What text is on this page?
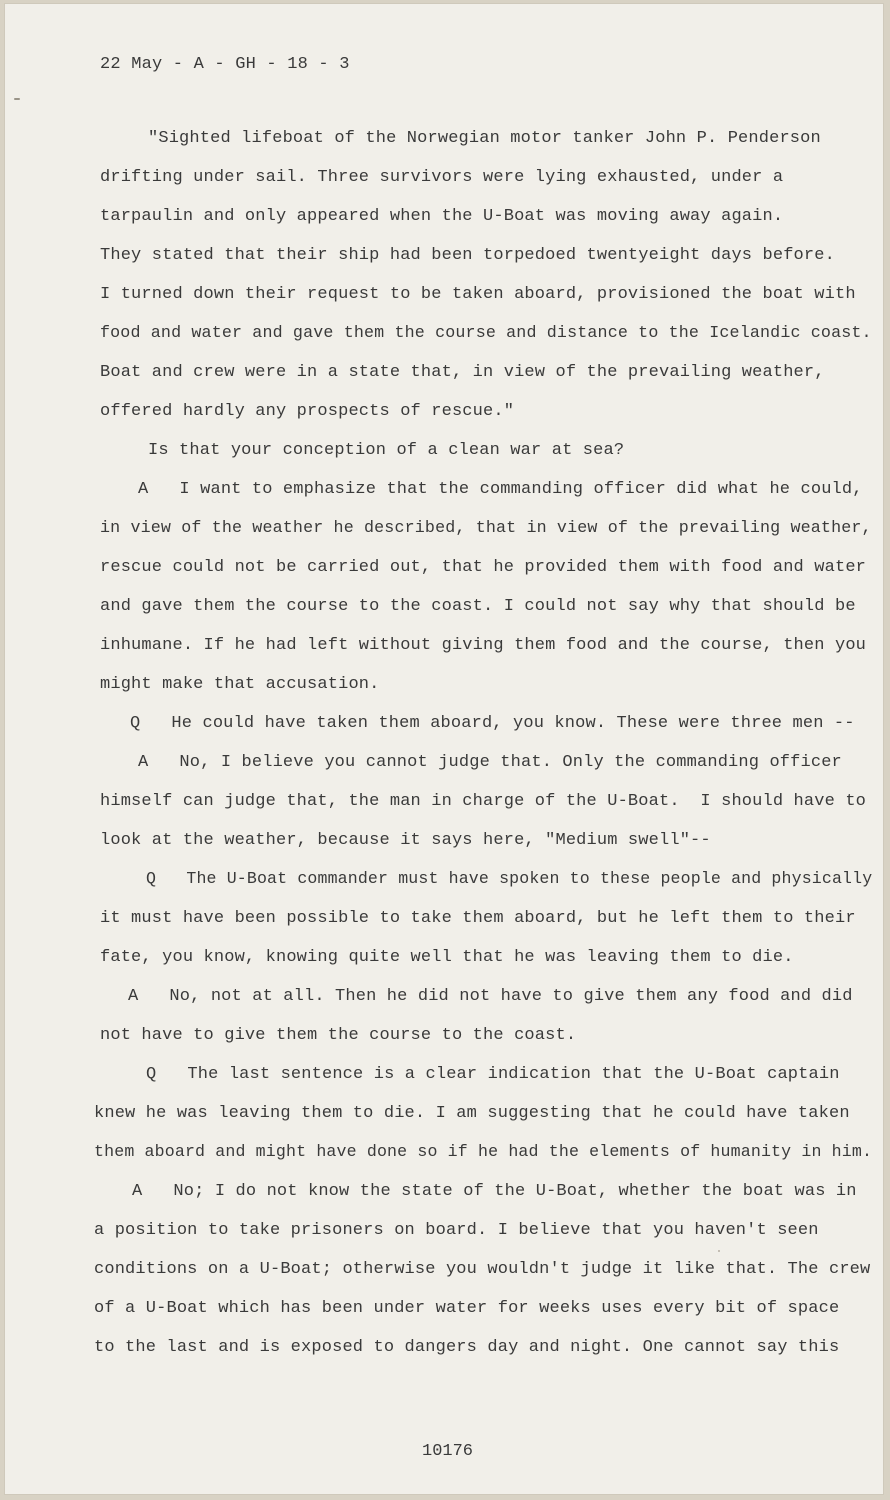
22 May - A - GH - 18 - 3
"Sighted lifeboat of the Norwegian motor tanker John P. Penderson
drifting under sail. Three survivors were lying exhausted, under a
tarpaulin and only appeared when the U-Boat was moving away again.
They stated that their ship had been torpedoed twentyeight days before.
I turned down their request to be taken aboard, provisioned the boat with
food and water and gave them the course and distance to the Icelandic coast.
Boat and crew were in a state that, in view of the prevailing weather,
offered hardly any prospects of rescue."
Is that your conception of a clean war at sea?
A   I want to emphasize that the commanding officer did what he could,
in view of the weather he described, that in view of the prevailing weather,
rescue could not be carried out, that he provided them with food and water
and gave them the course to the coast. I could not say why that should be
inhumane. If he had left without giving them food and the course, then you
might make that accusation.
Q   He could have taken them aboard, you know. These were three men --
A   No, I believe you cannot judge that. Only the commanding officer
himself can judge that, the man in charge of the U-Boat.  I should have to
look at the weather, because it says here, "Medium swell"--
Q   The U-Boat commander must have spoken to these people and physically
it must have been possible to take them aboard, but he left them to their
fate, you know, knowing quite well that he was leaving them to die.
A   No, not at all. Then he did not have to give them any food and did
not have to give them the course to the coast.
Q   The last sentence is a clear indication that the U-Boat captain
knew he was leaving them to die. I am suggesting that he could have taken
them aboard and might have done so if he had the elements of humanity in him.
A   No; I do not know the state of the U-Boat, whether the boat was in
a position to take prisoners on board. I believe that you haven't seen
conditions on a U-Boat; otherwise you wouldn't judge it like that. The crew
of a U-Boat which has been under water for weeks uses every bit of space
to the last and is exposed to dangers day and night. One cannot say this
10176
